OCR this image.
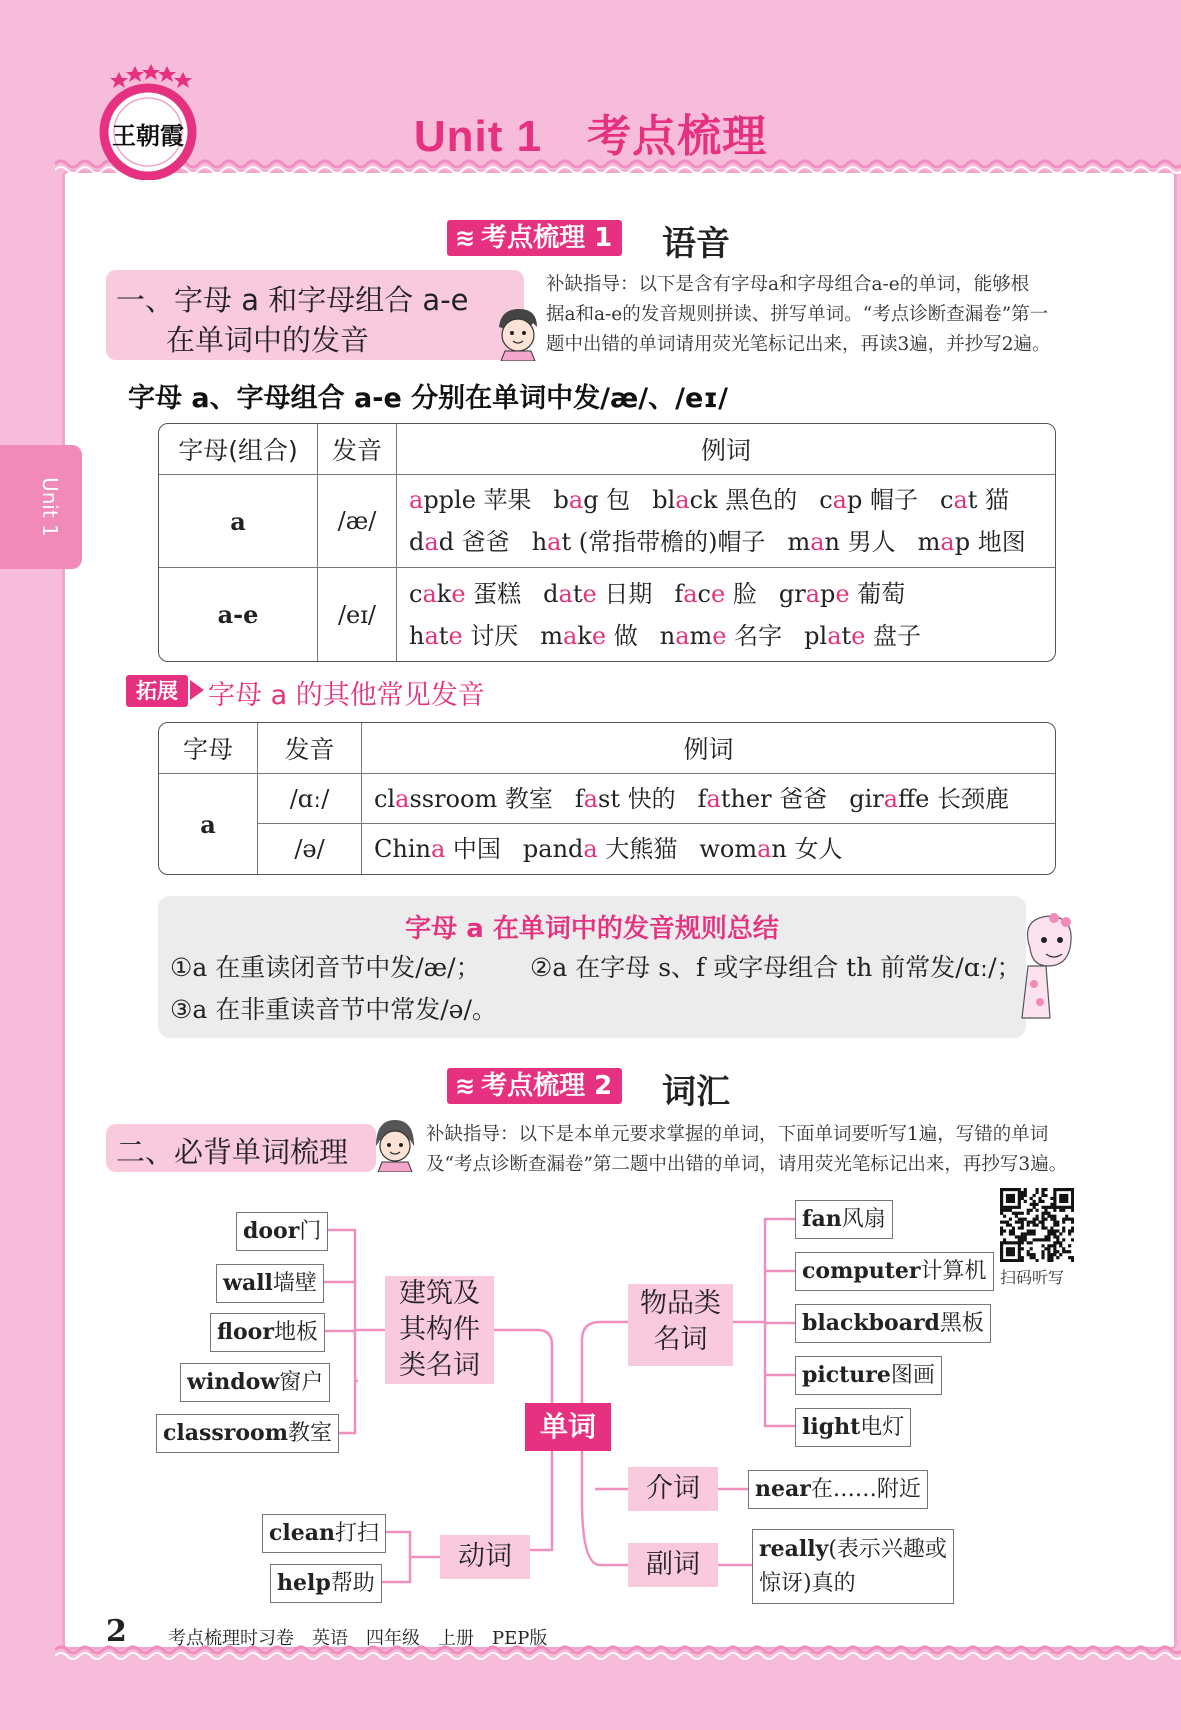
王朝霞	Unit 1　考点梳理
Unit 1
≋ 考点梳理 1 语音
一、字母 a 和字母组合 a-e
在单词中的发音
补缺指导：以下是含有字母a和字母组合a-e的单词，能够根
据a和a-e的发音规则拼读、拼写单词。“考点诊断查漏卷”第一
题中出错的单词请用荧光笔标记出来，再读3遍，并抄写2遍。
字母 a、字母组合 a-e 分别在单词中发/æ/、/eɪ/
字母(组合)	发音	例词
a	/æ/	apple 苹果 bag 包 black 黑色的 cap 帽子 cat 猫
dad 爸爸 hat (常指带檐的)帽子 man 男人 map 地图

a-e	/eɪ/	cake 蛋糕 date 日期 face 脸 grape 葡萄
hate 讨厌 make 做 name 名字 plate 盘子
拓展	字母 a 的其他常见发音
字母	发音	例词
a	/ɑː/	classroom 教室 fast 快的 father 爸爸 giraffe 长颈鹿

	/ə/	China 中国 panda 大熊猫 woman 女人
字母 a 在单词中的发音规则总结
①a 在重读闭音节中发/æ/； ②a 在字母 s、f 或字母组合 th 前常发/ɑː/；
③a 在非重读音节中常发/ə/。
≋ 考点梳理 2 词汇
二、必背单词梳理
补缺指导：以下是本单元要求掌握的单词，下面单词要听写1遍，写错的单词
及“考点诊断查漏卷”第二题中出错的单词，请用荧光笔标记出来，再抄写3遍。
扫码听写
door门
wall墙壁
floor地板
window窗户
classroom教室
建筑及
其构件
类名词
单词
物品类
名词
fan风扇
computer计算机
blackboard黑板
picture图画
light电灯
介词	near在……附近
clean打扫
help帮助
动词	副词	really(表示兴趣或
惊讶)真的
2 考点梳理时习卷　英语　四年级　上册　PEP版
